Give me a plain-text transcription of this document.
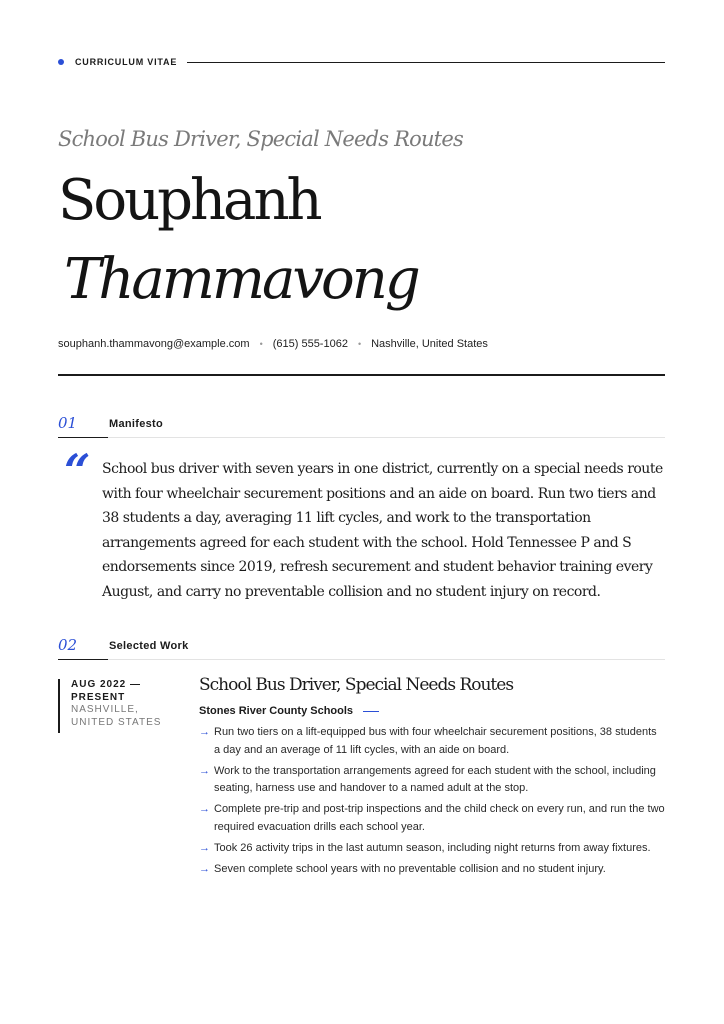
CURRICULUM VITAE
School Bus Driver, Special Needs Routes
Souphanh
Thammavong
souphanh.thammavong@example.com • (615) 555-1062 • Nashville, United States
01	Manifesto
“ School bus driver with seven years in one district, currently on a special needs route with four wheelchair securement positions and an aide on board. Run two tiers and 38 students a day, averaging 11 lift cycles, and work to the transportation arrangements agreed for each student with the school. Hold Tennessee P and S endorsements since 2019, refresh securement and student behavior training every August, and carry no preventable collision and no student injury on record.

02	Selected Work
AUG 2022 — PRESENT
NASHVILLE, UNITED STATES
School Bus Driver, Special Needs Routes
Stones River County Schools
→ Run two tiers on a lift-equipped bus with four wheelchair securement positions, 38 students a day and an average of 11 lift cycles, with an aide on board.
→ Work to the transportation arrangements agreed for each student with the school, including seating, harness use and handover to a named adult at the stop.
→ Complete pre-trip and post-trip inspections and the child check on every run, and run the two required evacuation drills each school year.
→ Took 26 activity trips in the last autumn season, including night returns from away fixtures.
→ Seven complete school years with no preventable collision and no student injury.
